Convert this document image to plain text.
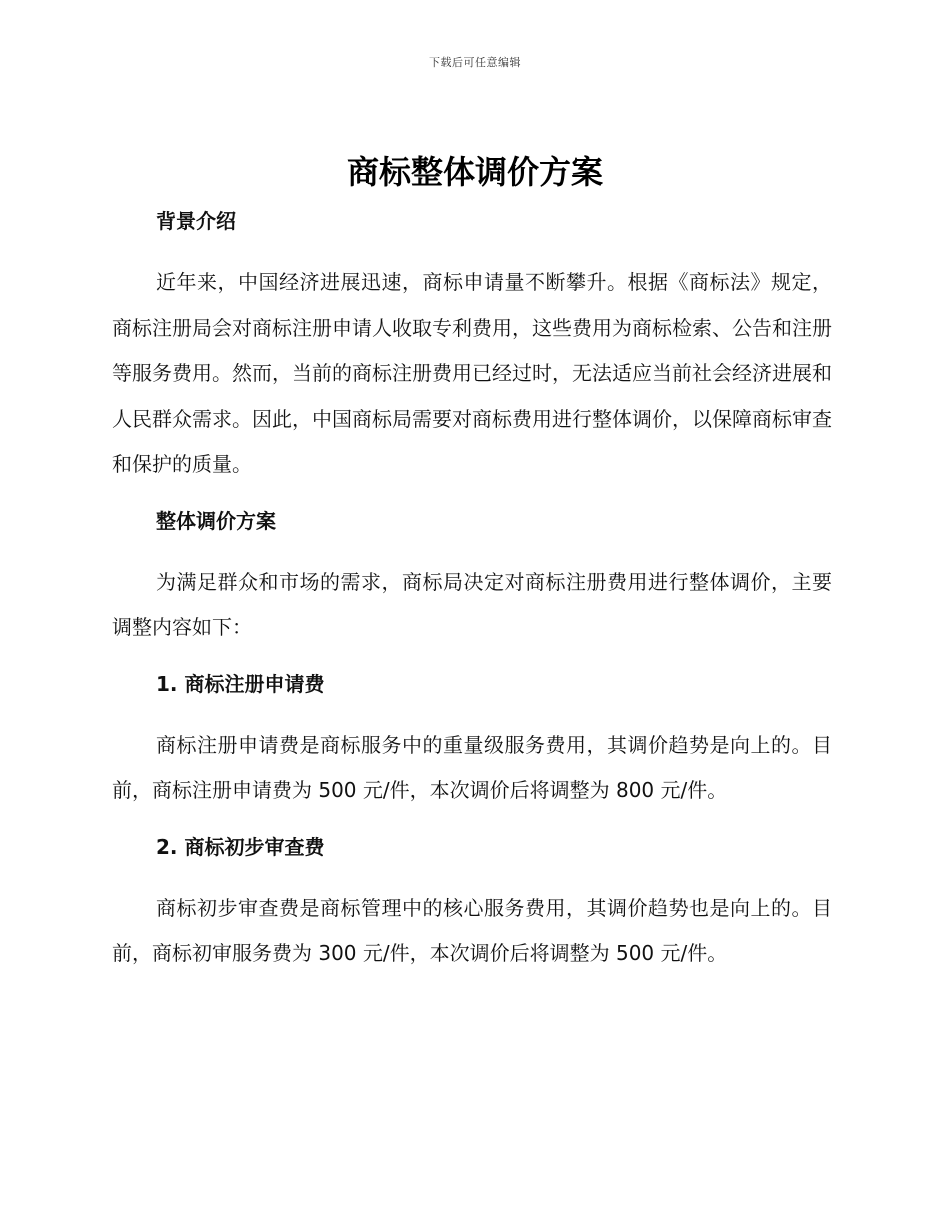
下载后可任意编辑
商标整体调价方案
背景介绍

近年来，中国经济进展迅速，商标申请量不断攀升。根据《商标法》规定，商标注册局会对商标注册申请人收取专利费用，这些费用为商标检索、公告和注册等服务费用。然而，当前的商标注册费用已经过时，无法适应当前社会经济进展和人民群众需求。因此，中国商标局需要对商标费用进行整体调价，以保障商标审查和保护的质量。

整体调价方案

为满足群众和市场的需求，商标局决定对商标注册费用进行整体调价，主要调整内容如下：

1. 商标注册申请费

商标注册申请费是商标服务中的重量级服务费用，其调价趋势是向上的。目前，商标注册申请费为 500 元/件，本次调价后将调整为 800 元/件。

2. 商标初步审查费

商标初步审查费是商标管理中的核心服务费用，其调价趋势也是向上的。目前，商标初审服务费为 300 元/件，本次调价后将调整为 500 元/件。
